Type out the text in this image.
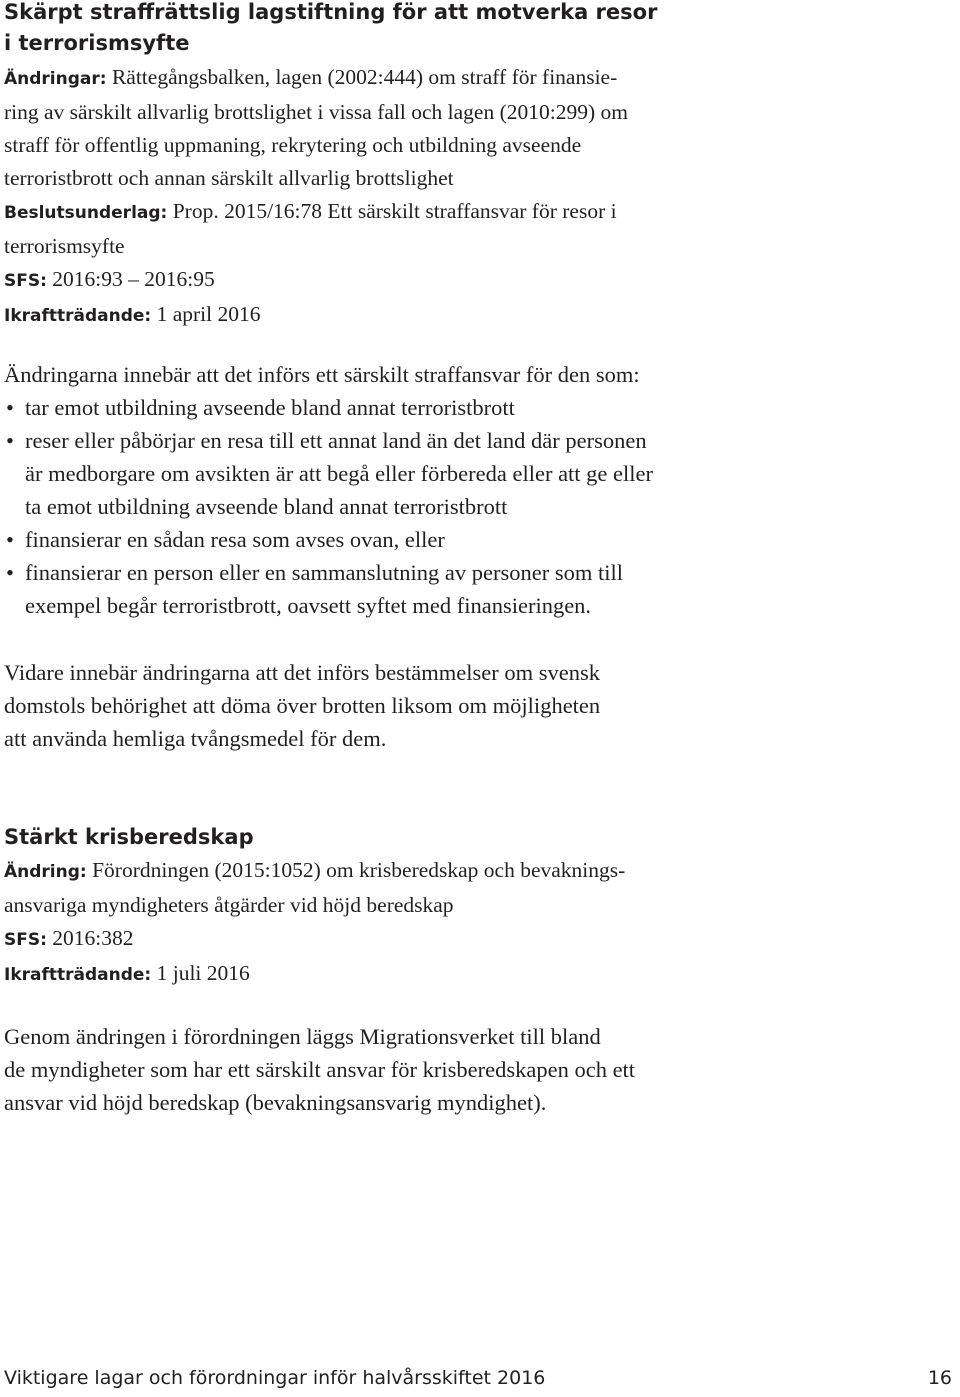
Skärpt straffrättslig lagstiftning för att motverka resor
i terrorismsyfte
Ändringar: Rättegångsbalken, lagen (2002:444) om straff för finansie-
ring av särskilt allvarlig brottslighet i vissa fall och lagen (2010:299) om
straff för offentlig uppmaning, rekrytering och utbildning avseende
terroristbrott och annan särskilt allvarlig brottslighet
Beslutsunderlag: Prop. 2015/16:78 Ett särskilt straffansvar för resor i
terrorismsyfte
SFS: 2016:93 – 2016:95
Ikraftträdande: 1 april 2016

Ändringarna innebär att det införs ett särskilt straffansvar för den som:

• tar emot utbildning avseende bland annat terroristbrott
• reser eller påbörjar en resa till ett annat land än det land där personen
är medborgare om avsikten är att begå eller förbereda eller att ge eller
ta emot utbildning avseende bland annat terroristbrott
• finansierar en sådan resa som avses ovan, eller
• finansierar en person eller en sammanslutning av personer som till
exempel begår terroristbrott, oavsett syftet med finansieringen.
Vidare innebär ändringarna att det införs bestämmelser om svensk
domstols behörighet att döma över brotten liksom om möjligheten
att använda hemliga tvångsmedel för dem.
Stärkt krisberedskap
Ändring: Förordningen (2015:1052) om krisberedskap och bevaknings-
ansvariga myndigheters åtgärder vid höjd beredskap
SFS: 2016:382
Ikraftträdande: 1 juli 2016
Genom ändringen i förordningen läggs Migrationsverket till bland
de myndigheter som har ett särskilt ansvar för krisberedskapen och ett
ansvar vid höjd beredskap (bevakningsansvarig myndighet).
Viktigare lagar och förordningar inför halvårsskiftet 2016	16
